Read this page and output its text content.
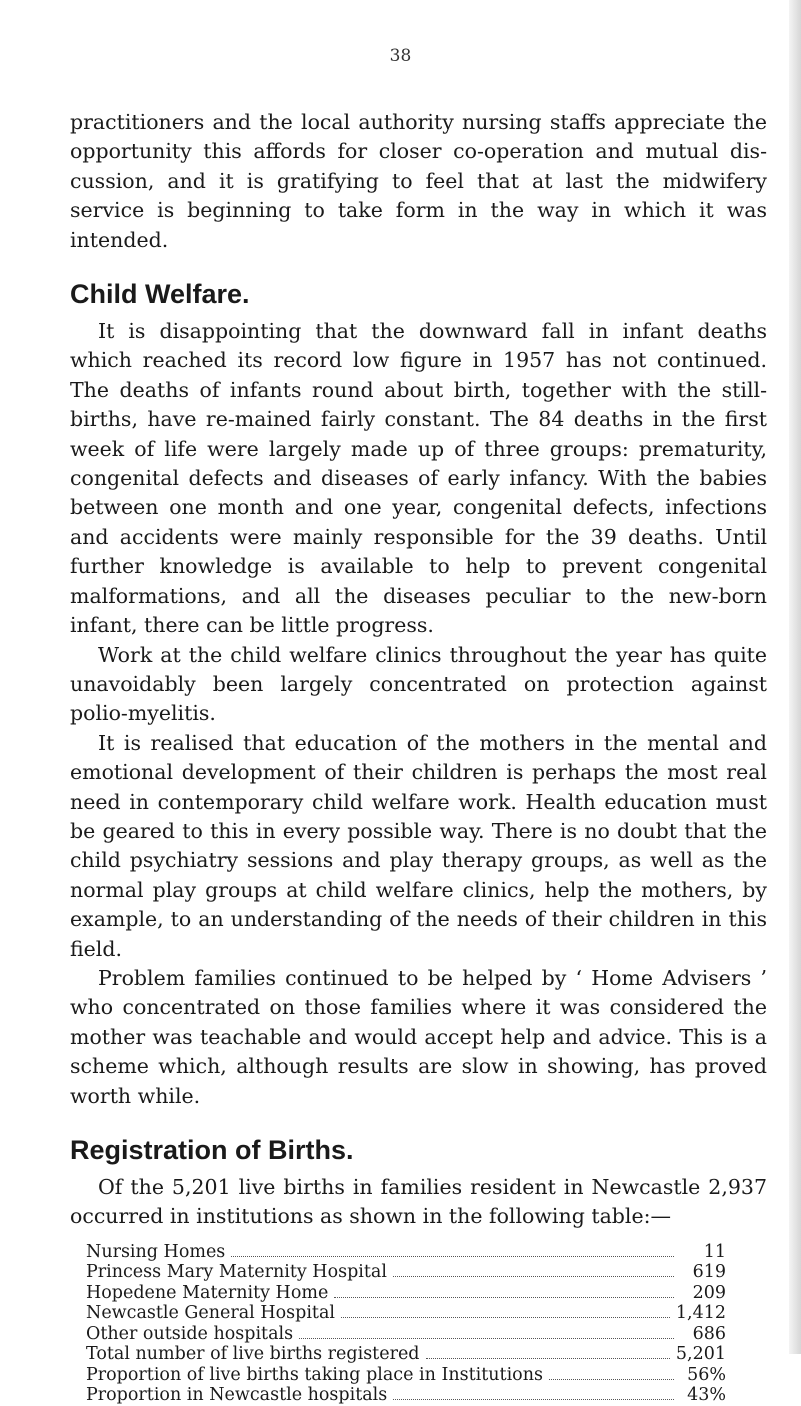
38

practitioners and the local authority nursing staffs appreciate the opportunity this affords for closer co-operation and mutual dis-cussion, and it is gratifying to feel that at last the midwifery service is beginning to take form in the way in which it was intended.

Child Welfare.

It is disappointing that the downward fall in infant deaths which reached its record low figure in 1957 has not continued. The deaths of infants round about birth, together with the still-births, have re-mained fairly constant. The 84 deaths in the first week of life were largely made up of three groups: prematurity, congenital defects and diseases of early infancy. With the babies between one month and one year, congenital defects, infections and accidents were mainly responsible for the 39 deaths. Until further knowledge is available to help to prevent congenital malformations, and all the diseases peculiar to the new-born infant, there can be little progress.

Work at the child welfare clinics throughout the year has quite unavoidably been largely concentrated on protection against polio-myelitis.

It is realised that education of the mothers in the mental and emotional development of their children is perhaps the most real need in contemporary child welfare work. Health education must be geared to this in every possible way. There is no doubt that the child psychiatry sessions and play therapy groups, as well as the normal play groups at child welfare clinics, help the mothers, by example, to an understanding of the needs of their children in this field.

Problem families continued to be helped by ‘ Home Advisers ’ who concentrated on those families where it was considered the mother was teachable and would accept help and advice. This is a scheme which, although results are slow in showing, has proved worth while.

Registration of Births.

Of the 5,201 live births in families resident in Newcastle 2,937 occurred in institutions as shown in the following table:—

Nursing Homes	11
Princess Mary Maternity Hospital	619
Hopedene Maternity Home	209
Newcastle General Hospital	1,412
Other outside hospitals	686
Total number of live births registered	5,201
Proportion of live births taking place in Institutions	56%
Proportion in Newcastle hospitals	43%
